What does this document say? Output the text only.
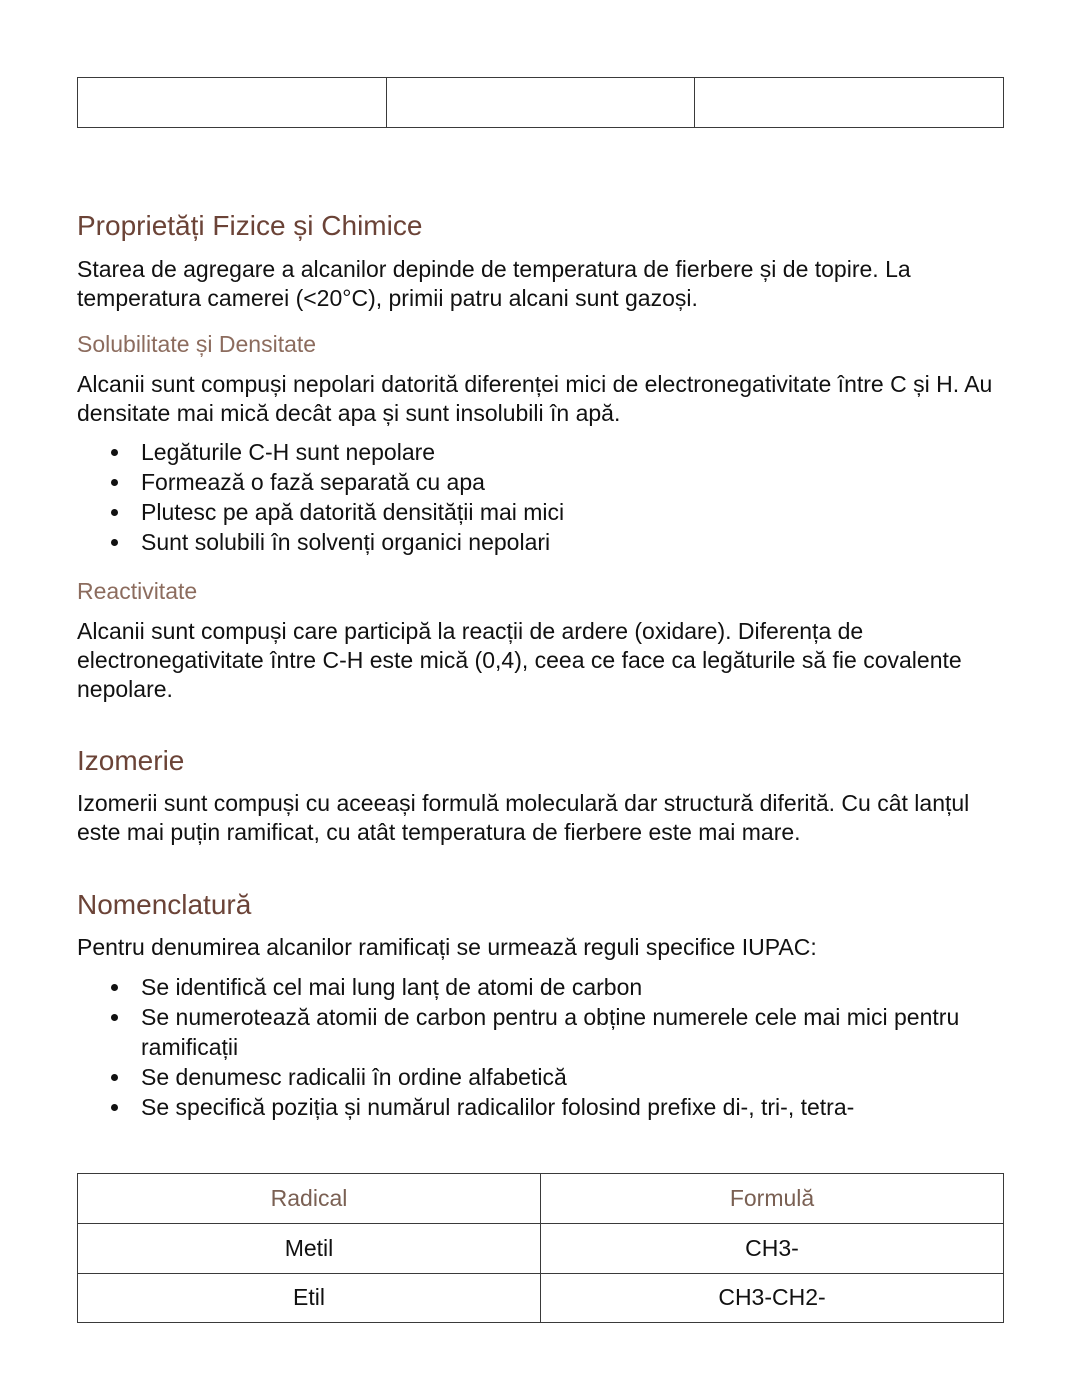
Proprietăți Fizice și Chimice

Starea de agregare a alcanilor depinde de temperatura de fierbere și de topire. La temperatura camerei (<20°C), primii patru alcani sunt gazoși.

Solubilitate și Densitate

Alcanii sunt compuși nepolari datorită diferenței mici de electronegativitate între C și H. Au densitate mai mică decât apa și sunt insolubili în apă.

Legăturile C-H sunt nepolare
Formează o fază separată cu apa
Plutesc pe apă datorită densității mai mici
Sunt solubili în solvenți organici nepolari
Reactivitate

Alcanii sunt compuși care participă la reacții de ardere (oxidare). Diferența de electronegativitate între C-H este mică (0,4), ceea ce face ca legăturile să fie covalente nepolare.

Izomerie

Izomerii sunt compuși cu aceeași formulă moleculară dar structură diferită. Cu cât lanțul este mai puțin ramificat, cu atât temperatura de fierbere este mai mare.

Nomenclatură

Pentru denumirea alcanilor ramificați se urmează reguli specifice IUPAC:

Se identifică cel mai lung lanț de atomi de carbon
Se numerotează atomii de carbon pentru a obține numerele cele mai mici pentru ramificații
Se denumesc radicalii în ordine alfabetică
Se specifică poziția și numărul radicalilor folosind prefixe di-, tri-, tetra-
Radical	Formulă
Metil	CH3-
Etil	CH3-CH2-
